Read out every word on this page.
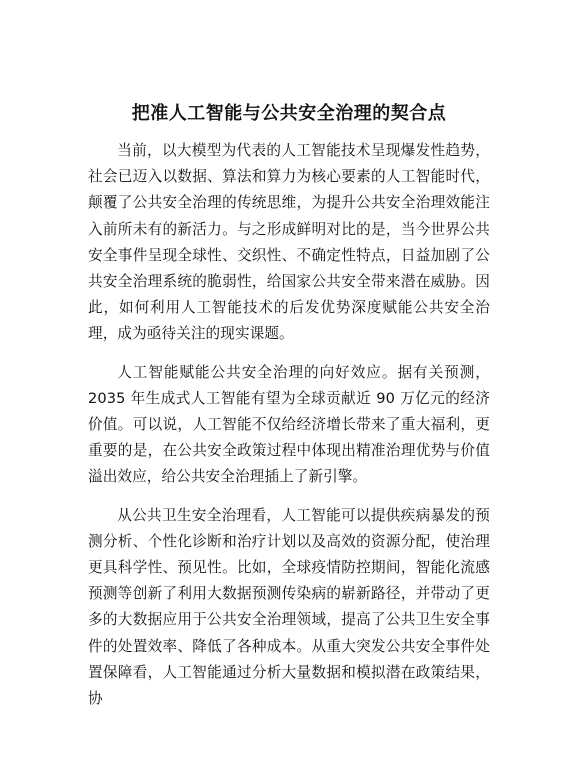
把准人工智能与公共安全治理的契合点

当前，以大模型为代表的人工智能技术呈现爆发性趋势，社会已迈入以数据、算法和算力为核心要素的人工智能时代，颠覆了公共安全治理的传统思维，为提升公共安全治理效能注入前所未有的新活力。与之形成鲜明对比的是，当今世界公共安全事件呈现全球性、交织性、不确定性特点，日益加剧了公共安全治理系统的脆弱性，给国家公共安全带来潜在威胁。因此，如何利用人工智能技术的后发优势深度赋能公共安全治理，成为亟待关注的现实课题。

人工智能赋能公共安全治理的向好效应。据有关预测，2035 年生成式人工智能有望为全球贡献近 90 万亿元的经济价值。可以说，人工智能不仅给经济增长带来了重大福利，更重要的是，在公共安全政策过程中体现出精准治理优势与价值溢出效应，给公共安全治理插上了新引擎。

从公共卫生安全治理看，人工智能可以提供疾病暴发的预测分析、个性化诊断和治疗计划以及高效的资源分配，使治理更具科学性、预见性。比如，全球疫情防控期间，智能化流感预测等创新了利用大数据预测传染病的崭新路径，并带动了更多的大数据应用于公共安全治理领域，提高了公共卫生安全事件的处置效率、降低了各种成本。从重大突发公共安全事件处置保障看，人工智能通过分析大量数据和模拟潜在政策结果，协
